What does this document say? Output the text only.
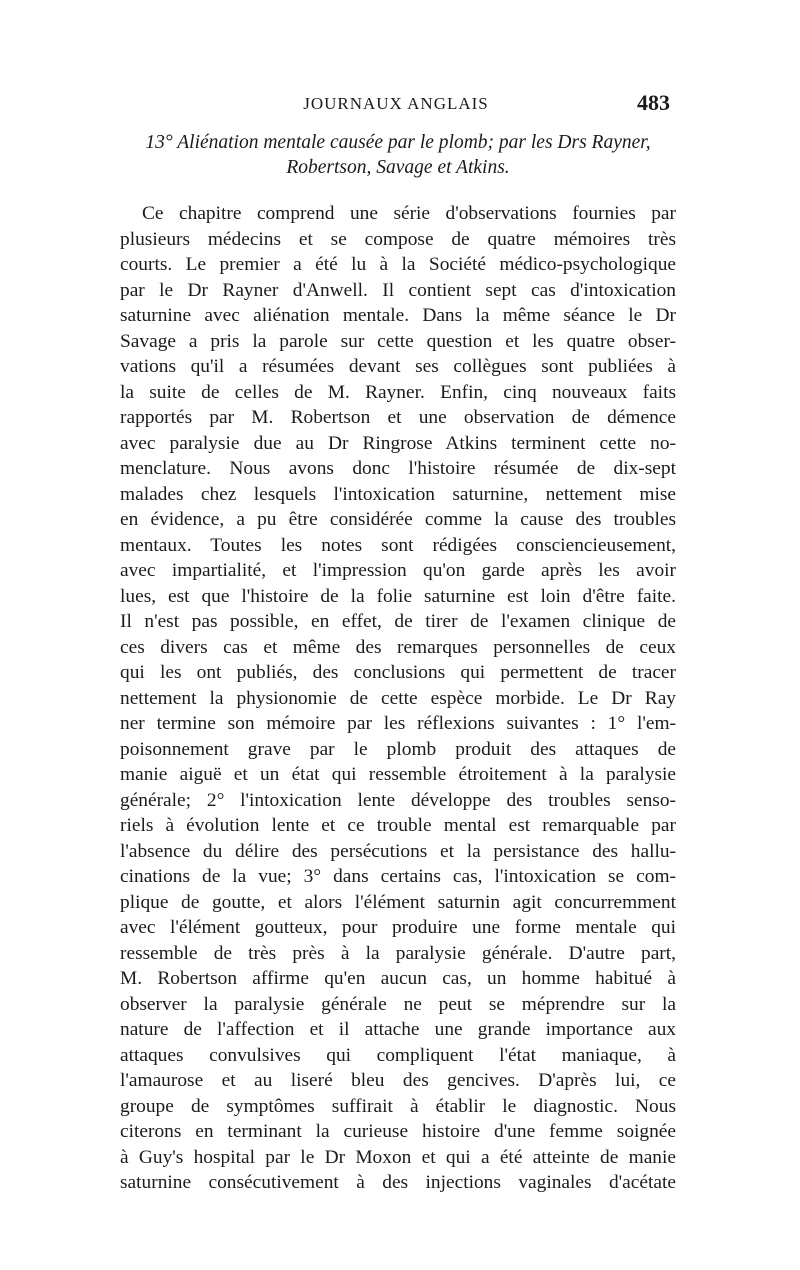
JOURNAUX ANGLAIS	483
13° Aliénation mentale causée par le plomb; par les Drs Rayner,
Robertson, Savage et Atkins.
Ce chapitre comprend une série d'observations fournies par
plusieurs médecins et se compose de quatre mémoires très
courts. Le premier a été lu à la Société médico-psychologique
par le Dr Rayner d'Anwell. Il contient sept cas d'intoxication
saturnine avec aliénation mentale. Dans la même séance le Dr
Savage a pris la parole sur cette question et les quatre obser-
vations qu'il a résumées devant ses collègues sont publiées à
la suite de celles de M. Rayner. Enfin, cinq nouveaux faits
rapportés par M. Robertson et une observation de démence
avec paralysie due au Dr Ringrose Atkins terminent cette no-
menclature. Nous avons donc l'histoire résumée de dix-sept
malades chez lesquels l'intoxication saturnine, nettement mise
en évidence, a pu être considérée comme la cause des troubles
mentaux. Toutes les notes sont rédigées consciencieusement,
avec impartialité, et l'impression qu'on garde après les avoir
lues, est que l'histoire de la folie saturnine est loin d'être faite.
Il n'est pas possible, en effet, de tirer de l'examen clinique de
ces divers cas et même des remarques personnelles de ceux
qui les ont publiés, des conclusions qui permettent de tracer
nettement la physionomie de cette espèce morbide. Le Dr Ray
ner termine son mémoire par les réflexions suivantes : 1° l'em-
poisonnement grave par le plomb produit des attaques de
manie aiguë et un état qui ressemble étroitement à la paralysie
générale; 2° l'intoxication lente développe des troubles senso-
riels à évolution lente et ce trouble mental est remarquable par
l'absence du délire des persécutions et la persistance des hallu-
cinations de la vue; 3° dans certains cas, l'intoxication se com-
plique de goutte, et alors l'élément saturnin agit concurremment
avec l'élément goutteux, pour produire une forme mentale qui
ressemble de très près à la paralysie générale. D'autre part,
M. Robertson affirme qu'en aucun cas, un homme habitué à
observer la paralysie générale ne peut se méprendre sur la
nature de l'affection et il attache une grande importance aux
attaques convulsives qui compliquent l'état maniaque, à
l'amaurose et au liseré bleu des gencives. D'après lui, ce
groupe de symptômes suffirait à établir le diagnostic. Nous
citerons en terminant la curieuse histoire d'une femme soignée
à Guy's hospital par le Dr Moxon et qui a été atteinte de manie
saturnine consécutivement à des injections vaginales d'acétate
